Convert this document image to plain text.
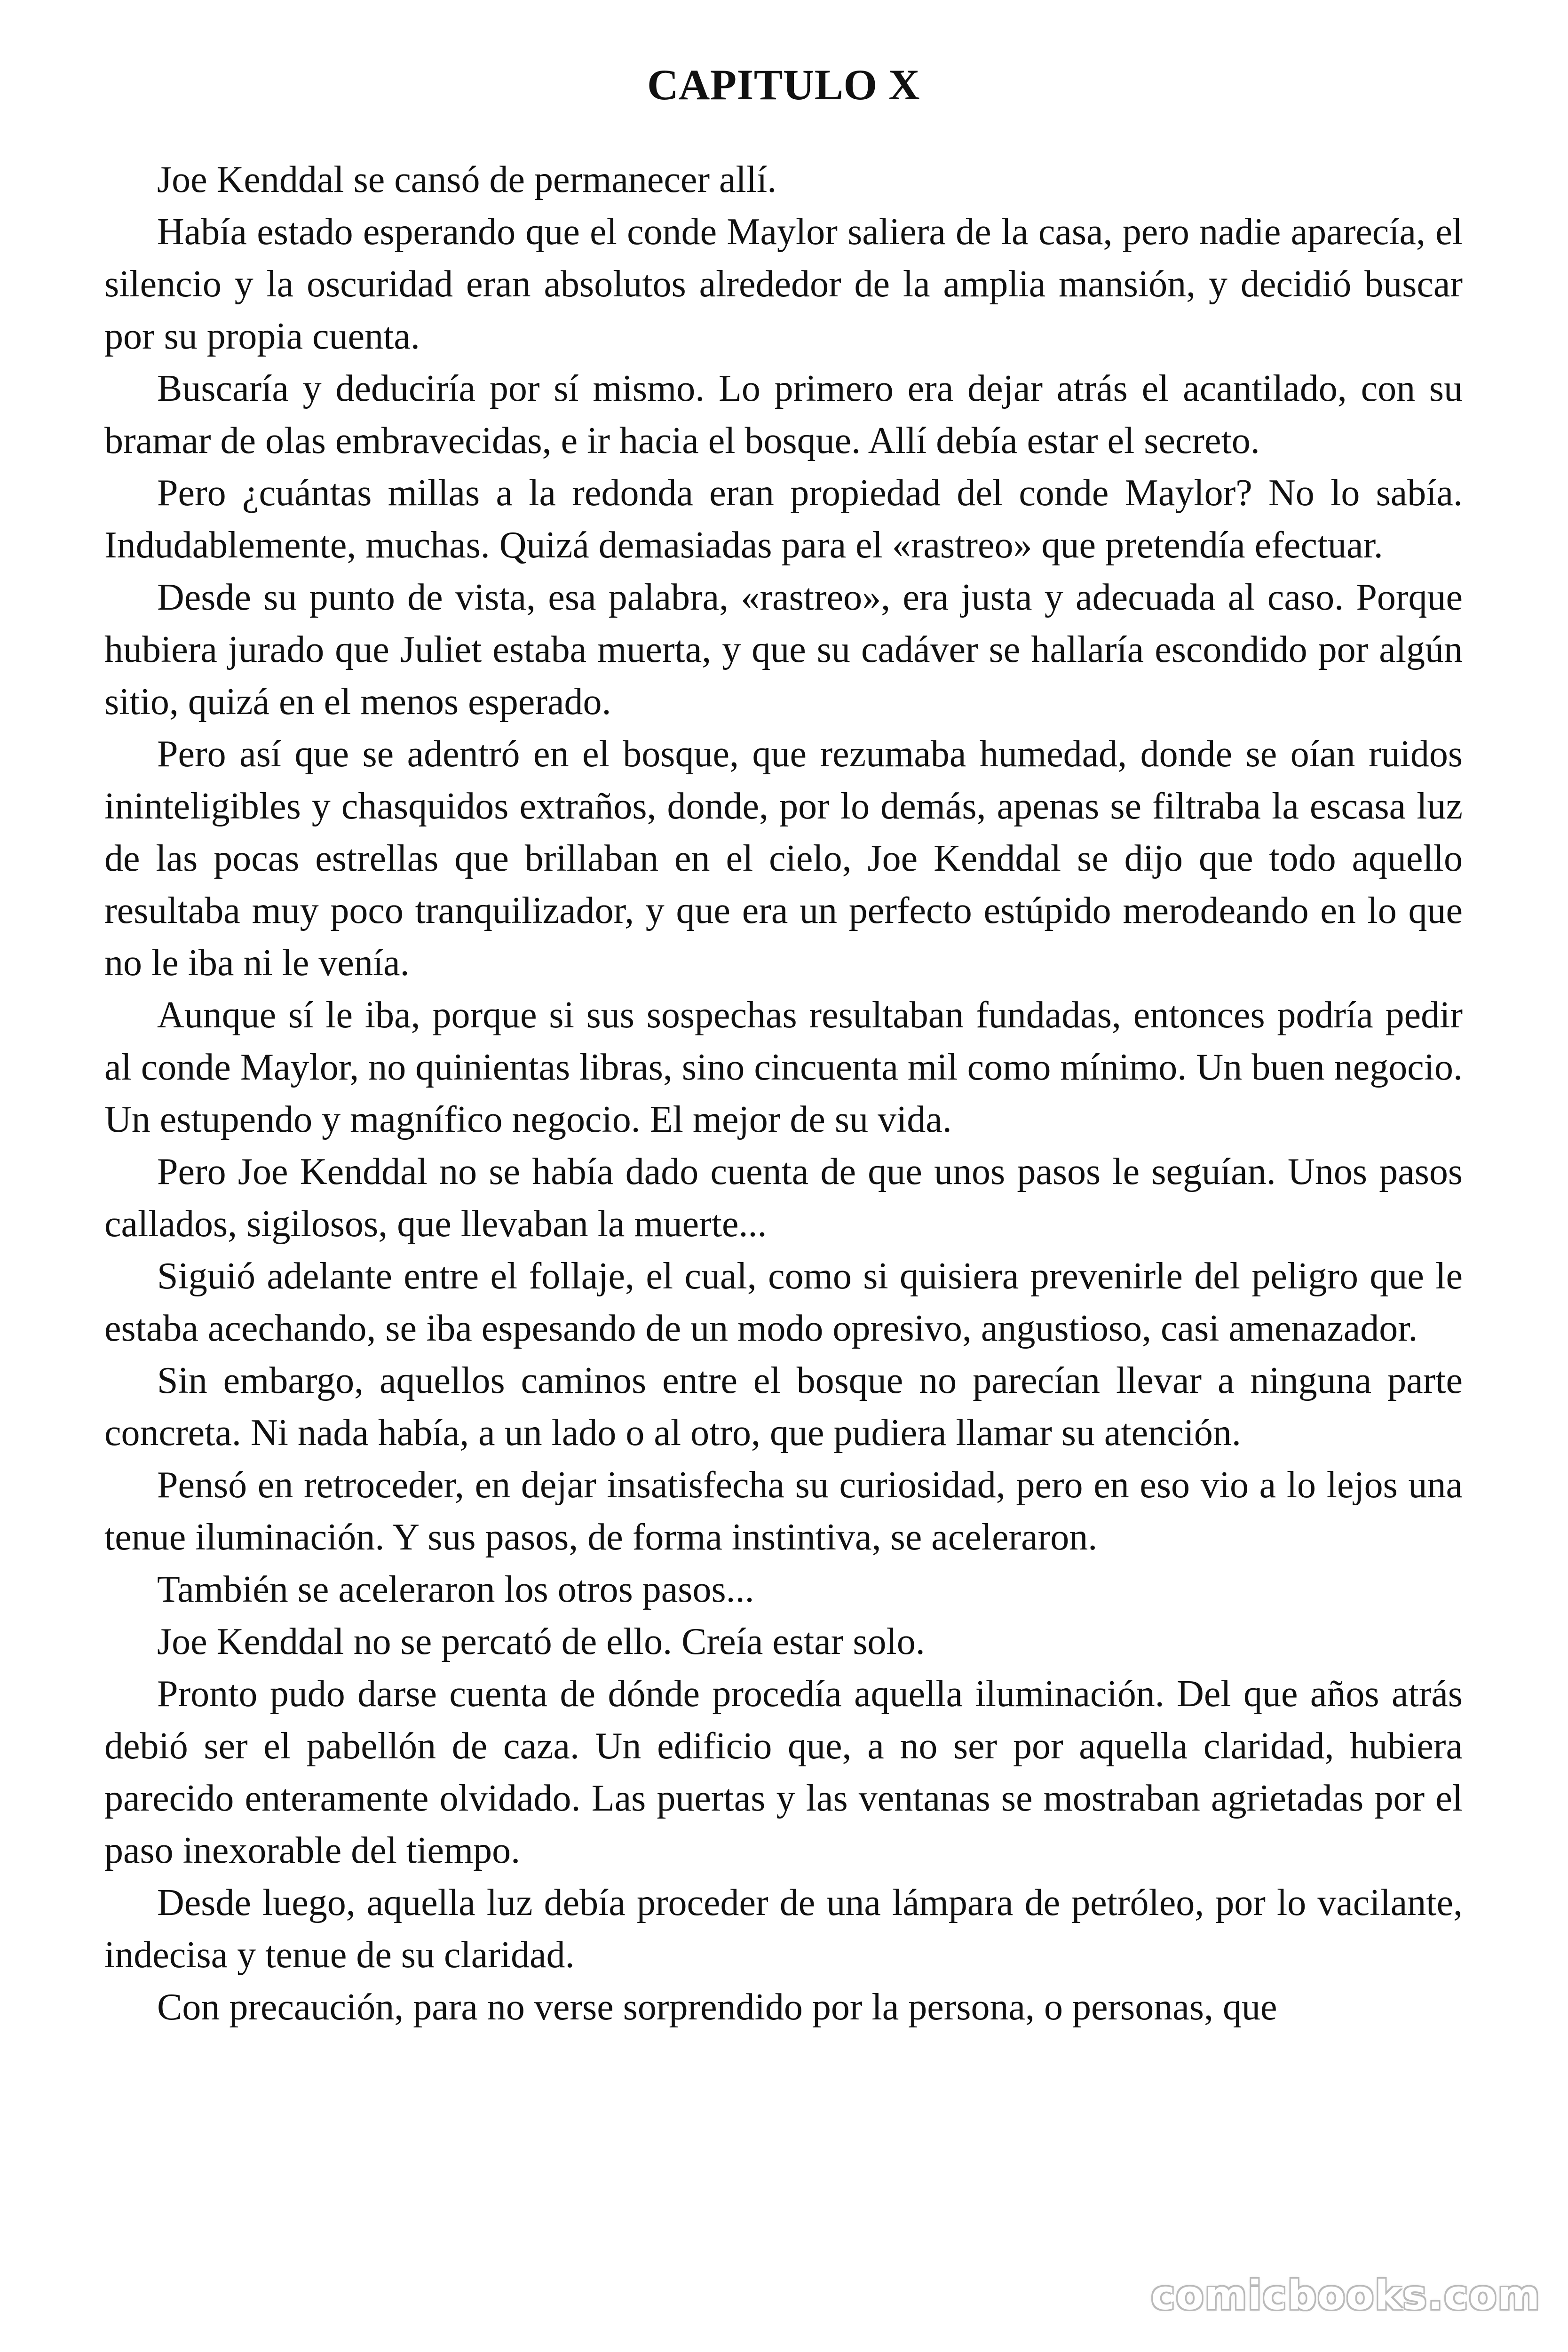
CAPITULO X

Joe Kenddal se cansó de permanecer allí.

Había estado esperando que el conde Maylor saliera de la casa, pero nadie aparecía, el silencio y la oscuridad eran absolutos alrededor de la amplia mansión, y decidió buscar por su propia cuenta.

Buscaría y deduciría por sí mismo. Lo primero era dejar atrás el acantilado, con su bramar de olas embravecidas, e ir hacia el bosque. Allí debía estar el secreto.

Pero ¿cuántas millas a la redonda eran propiedad del conde Maylor? No lo sabía. Indudablemente, muchas. Quizá demasiadas para el «rastreo» que pretendía efectuar.

Desde su punto de vista, esa palabra, «rastreo», era justa y adecuada al caso. Porque hubiera jurado que Juliet estaba muerta, y que su cadáver se hallaría escondido por algún sitio, quizá en el menos esperado.

Pero así que se adentró en el bosque, que rezumaba humedad, donde se oían ruidos ininteligibles y chasquidos extraños, donde, por lo demás, apenas se filtraba la escasa luz de las pocas estrellas que brillaban en el cielo, Joe Kenddal se dijo que todo aquello resultaba muy poco tranquilizador, y que era un perfecto estúpido merodeando en lo que no le iba ni le venía.

Aunque sí le iba, porque si sus sospechas resultaban fundadas, entonces podría pedir al conde Maylor, no quinientas libras, sino cincuenta mil como mínimo. Un buen negocio. Un estupendo y magnífico negocio. El mejor de su vida.

Pero Joe Kenddal no se había dado cuenta de que unos pasos le seguían. Unos pasos callados, sigilosos, que llevaban la muerte...

Siguió adelante entre el follaje, el cual, como si quisiera prevenirle del peligro que le estaba acechando, se iba espesando de un modo opresivo, angustioso, casi amenazador.

Sin embargo, aquellos caminos entre el bosque no parecían llevar a ninguna parte concreta. Ni nada había, a un lado o al otro, que pudiera llamar su atención.

Pensó en retroceder, en dejar insatisfecha su curiosidad, pero en eso vio a lo lejos una tenue iluminación. Y sus pasos, de forma instintiva, se aceleraron.

También se aceleraron los otros pasos...

Joe Kenddal no se percató de ello. Creía estar solo.

Pronto pudo darse cuenta de dónde procedía aquella iluminación. Del que años atrás debió ser el pabellón de caza. Un edificio que, a no ser por aquella claridad, hubiera parecido enteramente olvidado. Las puertas y las ventanas se mostraban agrietadas por el paso inexorable del tiempo.

Desde luego, aquella luz debía proceder de una lámpara de petróleo, por lo vacilante, indecisa y tenue de su claridad.

Con precaución, para no verse sorprendido por la persona, o personas, que

comicbooks.com
